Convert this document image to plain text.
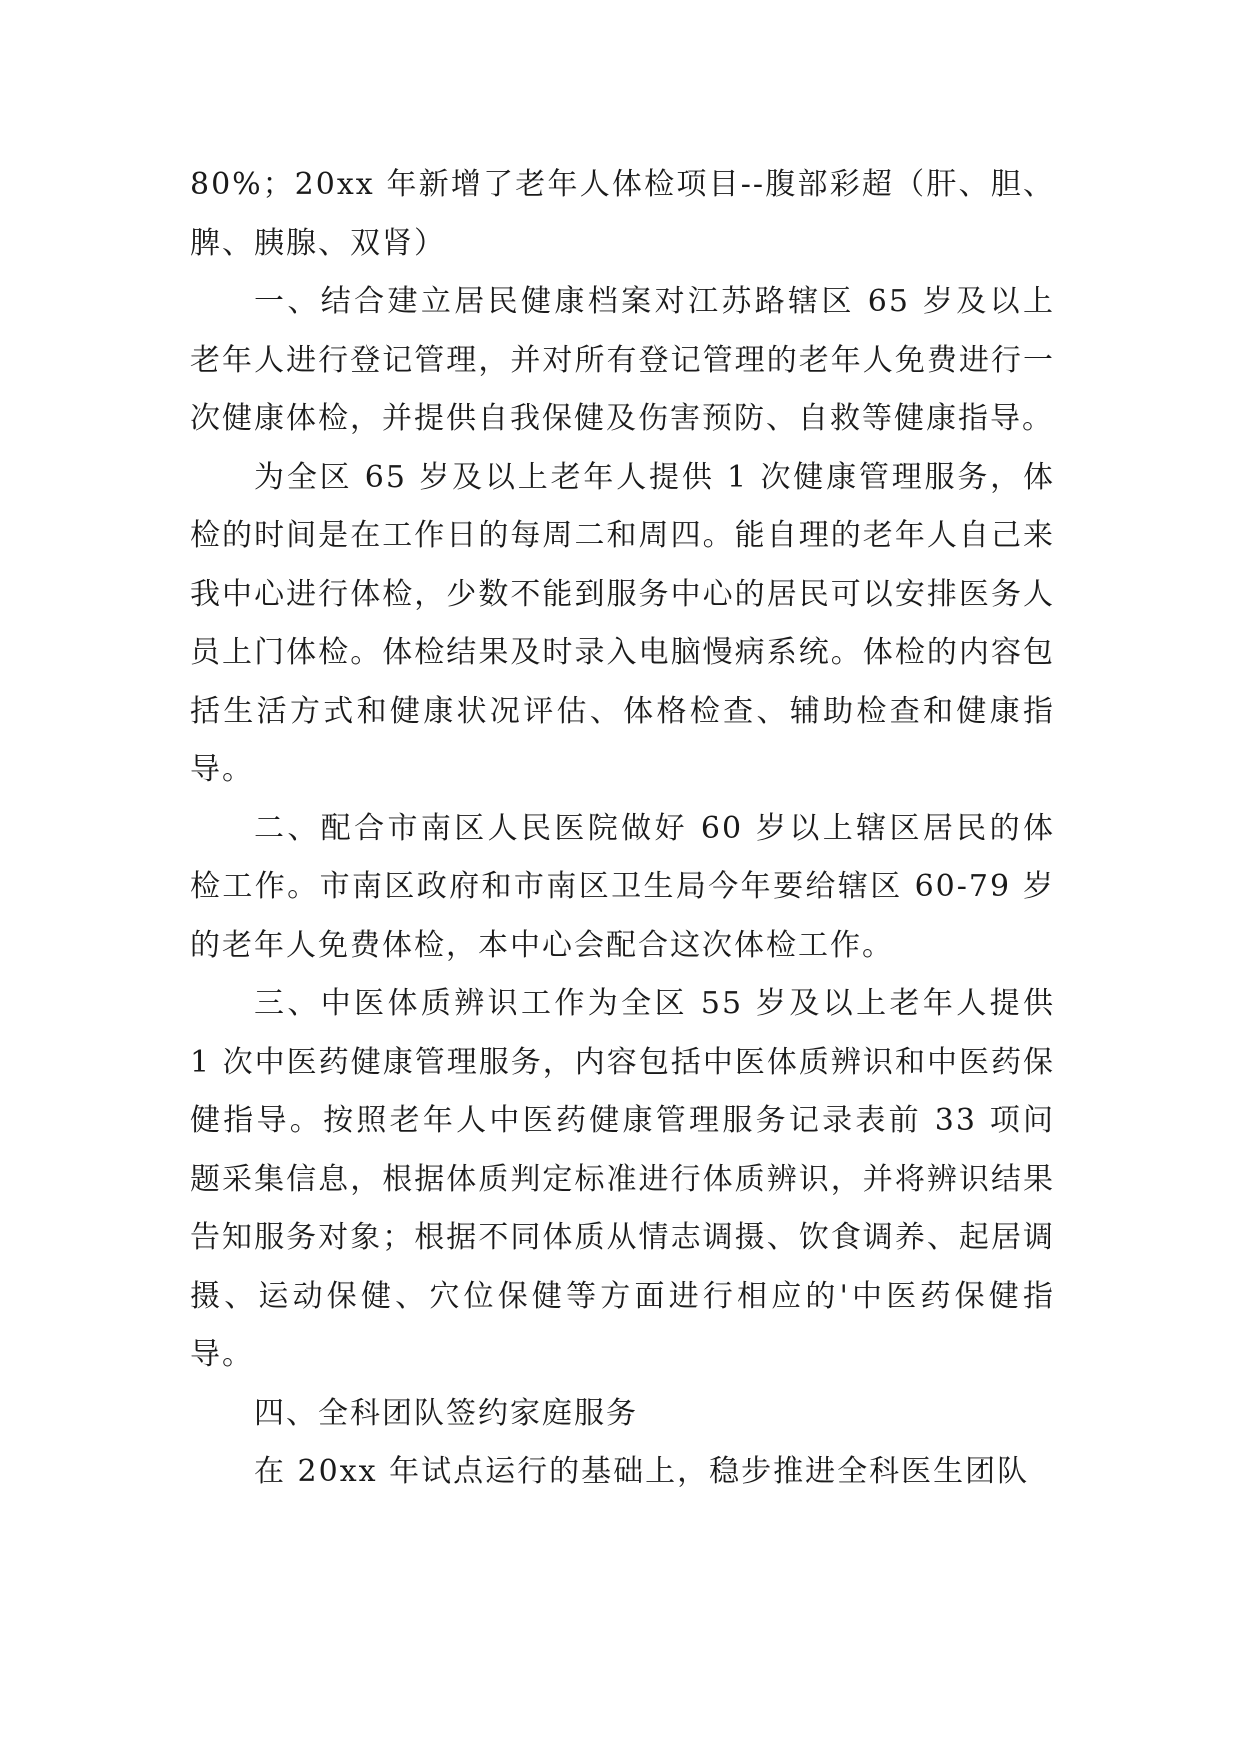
80%；20xx 年新增了老年人体检项目--腹部彩超（肝、胆、脾、胰腺、双肾）

一、结合建立居民健康档案对江苏路辖区 65 岁及以上老年人进行登记管理，并对所有登记管理的老年人免费进行一次健康体检，并提供自我保健及伤害预防、自救等健康指导。

为全区 65 岁及以上老年人提供 1 次健康管理服务，体检的时间是在工作日的每周二和周四。能自理的老年人自己来我中心进行体检，少数不能到服务中心的居民可以安排医务人员上门体检。体检结果及时录入电脑慢病系统。体检的内容包括生活方式和健康状况评估、体格检查、辅助检查和健康指导。

二、配合市南区人民医院做好 60 岁以上辖区居民的体检工作。市南区政府和市南区卫生局今年要给辖区 60-79 岁的老年人免费体检，本中心会配合这次体检工作。

三、中医体质辨识工作为全区 55 岁及以上老年人提供 1 次中医药健康管理服务，内容包括中医体质辨识和中医药保健指导。按照老年人中医药健康管理服务记录表前 33 项问题采集信息，根据体质判定标准进行体质辨识，并将辨识结果告知服务对象；根据不同体质从情志调摄、饮食调养、起居调摄、运动保健、穴位保健等方面进行相应的'中医药保健指导。

四、全科团队签约家庭服务

在 20xx 年试点运行的基础上，稳步推进全科医生团队
